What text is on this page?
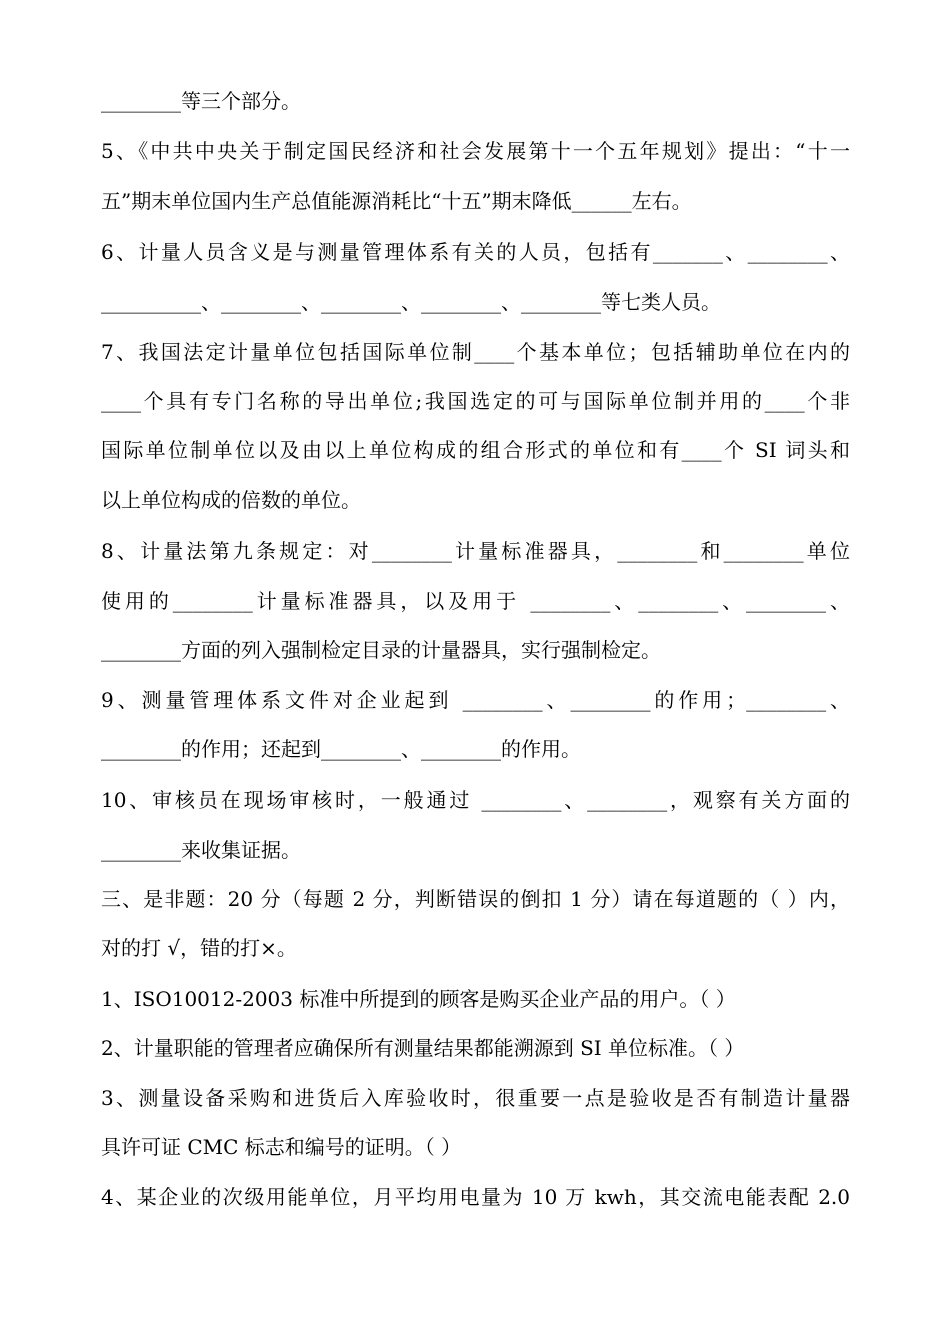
________等三个部分。
5、《中共中央关于制定国民经济和社会发展第十一个五年规划》提出：“十一
五”期末单位国内生产总值能源消耗比“十五”期末降低______左右。
6、计量人员含义是与测量管理体系有关的人员，包括有_______、________、
__________、________、________、________、________等七类人员。
7、我国法定计量单位包括国际单位制____个基本单位；包括辅助单位在内的
____个具有专门名称的导出单位;我国选定的可与国际单位制并用的____个非
国际单位制单位以及由以上单位构成的组合形式的单位和有____个 SI 词头和
以上单位构成的倍数的单位。
8、计量法第九条规定：对________计量标准器具，________和________单位
使用的________计量标准器具，以及用于 ________、________、________、
________方面的列入强制检定目录的计量器具，实行强制检定。
9、测量管理体系文件对企业起到 ________、________的作用；________、
________的作用；还起到________、________的作用。
10、审核员在现场审核时，一般通过 ________、________，观察有关方面的
________来收集证据。
三、是非题：20 分（每题 2 分，判断错误的倒扣 1 分）请在每道题的（ ）内，
对的打 √，错的打×。
1、ISO10012-2003 标准中所提到的顾客是购买企业产品的用户。（ ）
2、计量职能的管理者应确保所有测量结果都能溯源到 SI 单位标准。（ ）
3、测量设备采购和进货后入库验收时，很重要一点是验收是否有制造计量器
具许可证 CMC 标志和编号的证明。（ ）
4、某企业的次级用能单位，月平均用电量为 10 万 kwh，其交流电能表配 2.0
